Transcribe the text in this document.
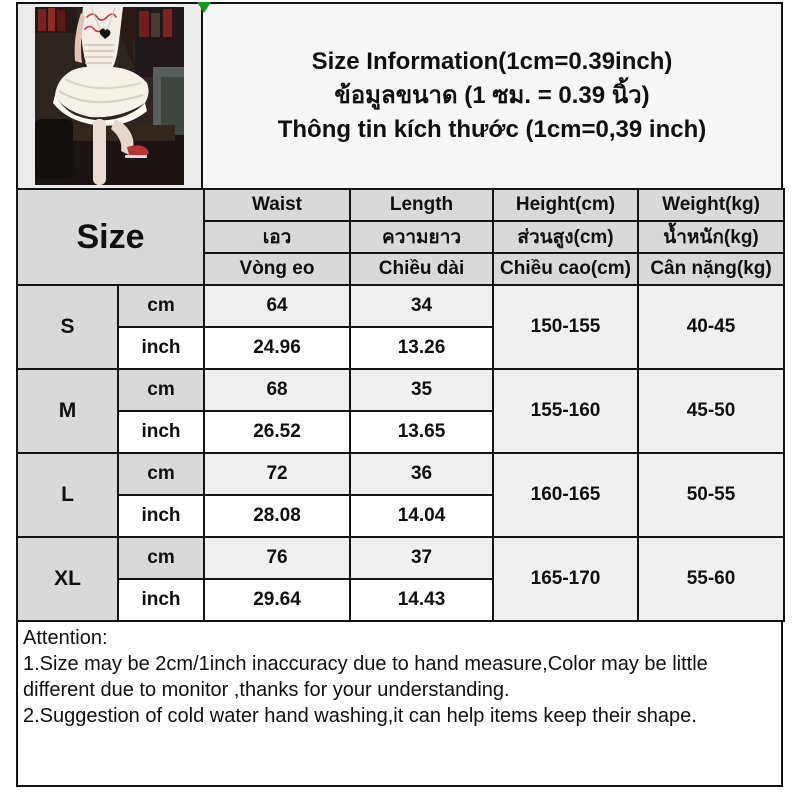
Size Information(1cm=0.39inch)
ข้อมูลขนาด (1 ซม. = 0.39 นิ้ว)
Thông tin kích thước (1cm=0,39 inch)
Size		Waist	Length	Height(cm)	Weight(kg)
		เอว	ความยาว	ส่วนสูง(cm)	น้ำหนัก(kg)
		Vòng eo	Chiều dài	Chiều cao(cm)	Cân nặng(kg)
S	cm	64	34	150-155	40-45
	inch	24.96	13.26		
M	cm	68	35	155-160	45-50
	inch	26.52	13.65		
L	cm	72	36	160-165	50-55
	inch	28.08	14.04		
XL	cm	76	37	165-170	55-60
	inch	29.64	14.43		
Attention:
1.Size may be 2cm/1inch inaccuracy due to hand measure,Color may be little different due to monitor ,thanks for your understanding.
2.Suggestion of cold water hand washing,it can help items keep their shape.
